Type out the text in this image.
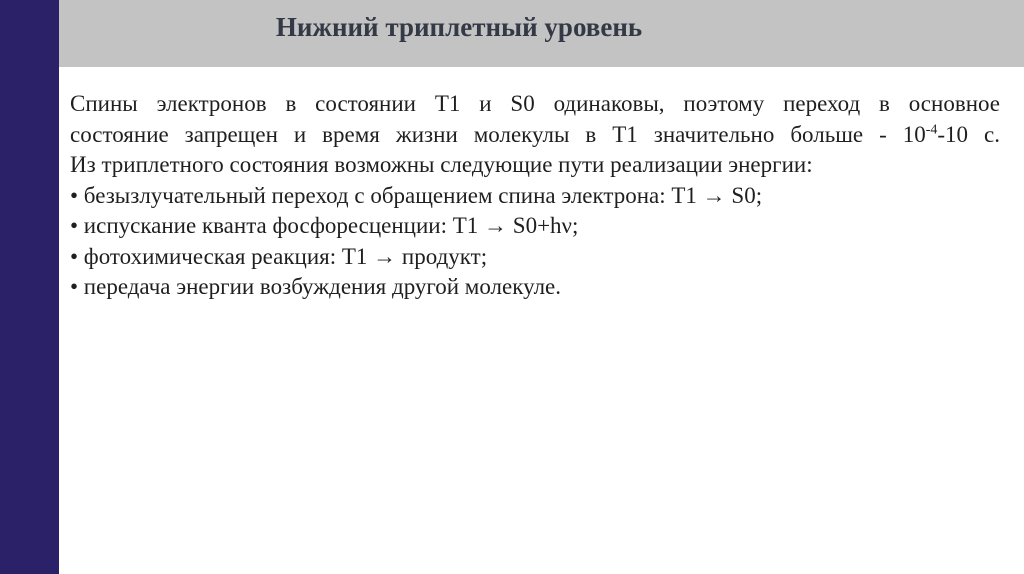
Нижний триплетный уровень
Спины электронов в состоянии T1 и S0 одинаковы, поэтому переход в основное
состояние запрещен и время жизни молекулы в T1 значительно больше - $10^{-4}-10$ с.
Из триплетного состояния возможны следующие пути реализации энергии:
• безызлучательный переход с обращением спина электрона: T1 → S0;
• испускание кванта фосфоресценции: T1 → S0+hν;
• фотохимическая реакция: T1 → продукт;
• передача энергии возбуждения другой молекуле.
